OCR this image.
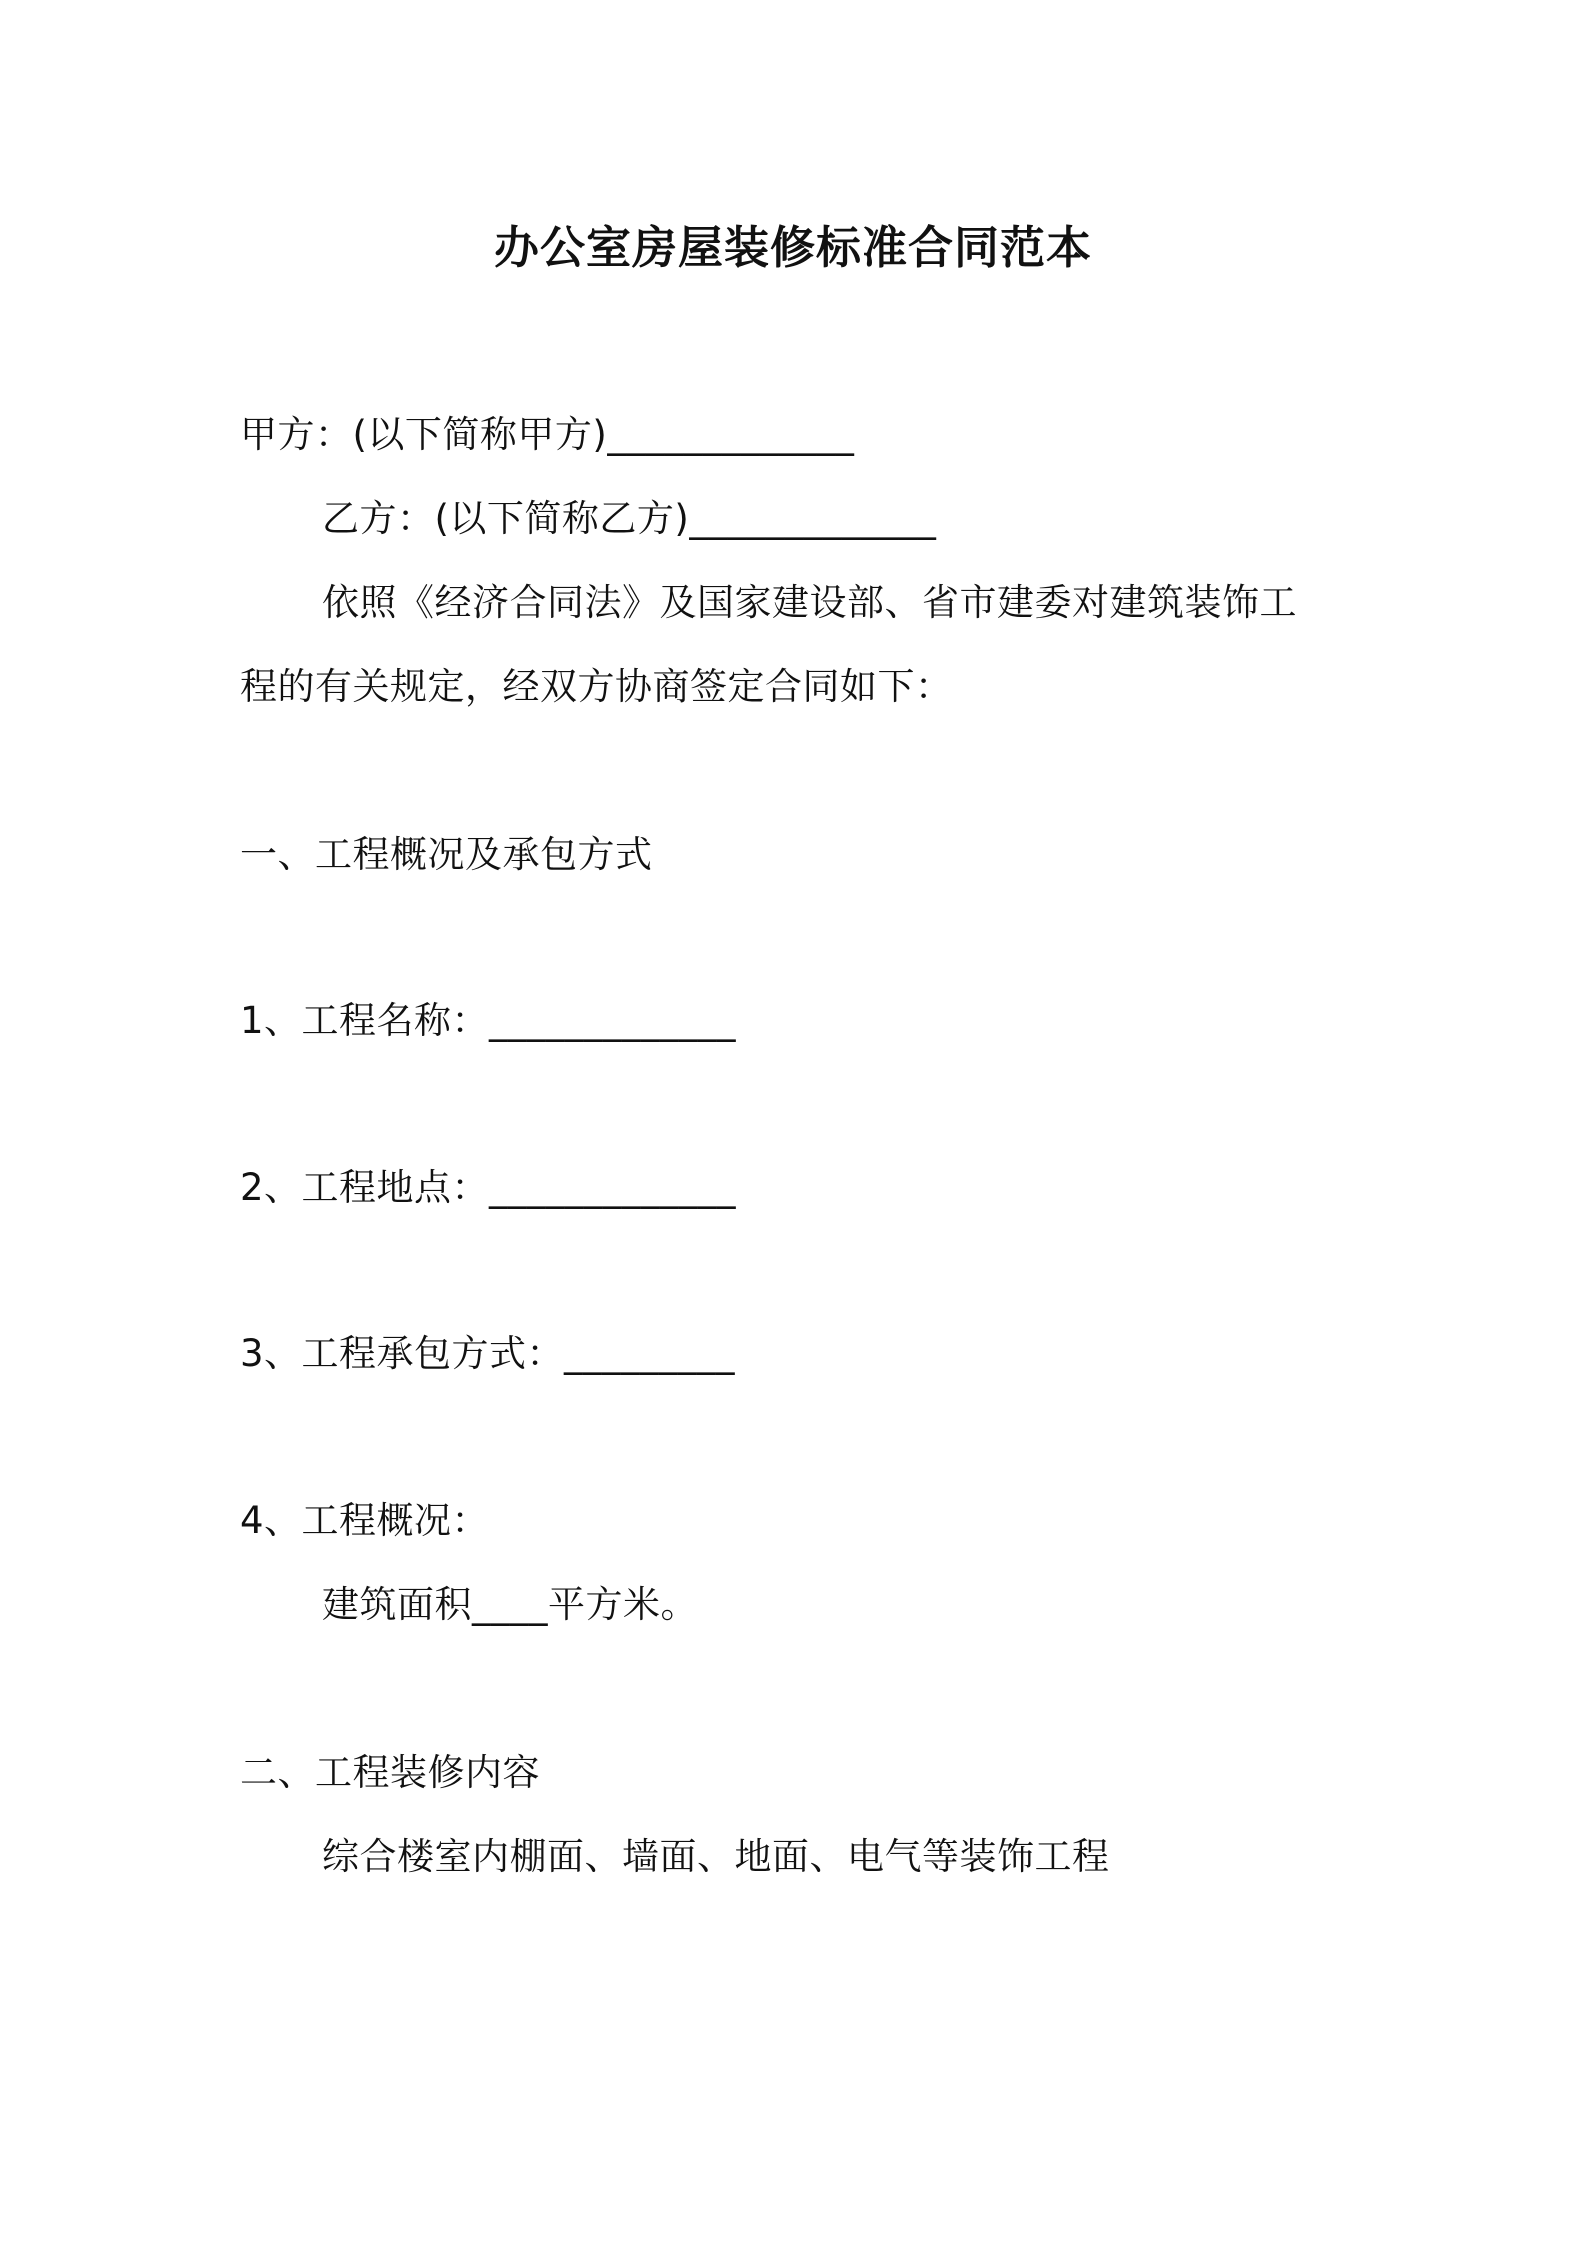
办公室房屋装修标准合同范本
甲方：(以下简称甲方)_____________
乙方：(以下简称乙方)_____________
依照《经济合同法》及国家建设部、省市建委对建筑装饰工
程的有关规定，经双方协商签定合同如下：
一、工程概况及承包方式
1、工程名称：_____________
2、工程地点：_____________
3、工程承包方式：_________
4、工程概况：
建筑面积____平方米。
二、工程装修内容
综合楼室内棚面、墙面、地面、电气等装饰工程
